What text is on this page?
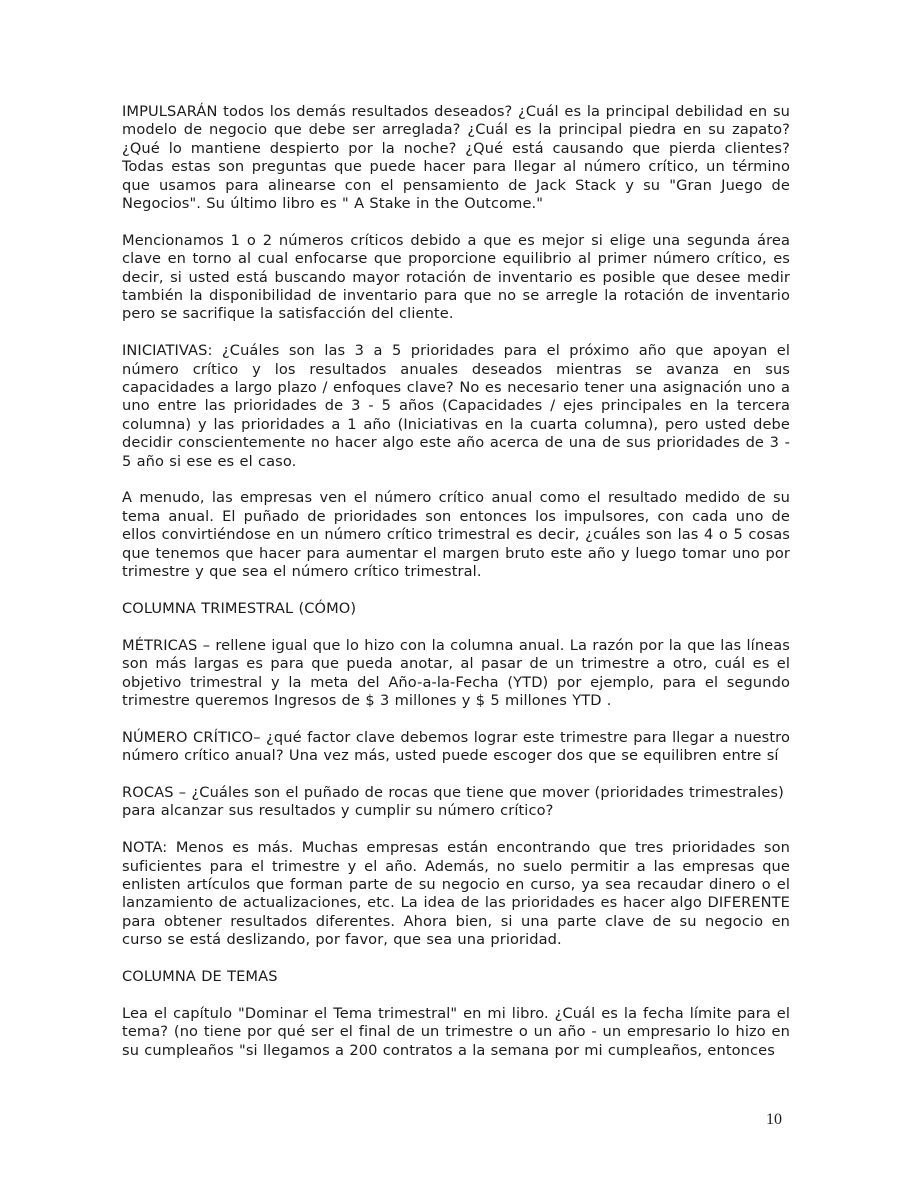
IMPULSARÁN todos los demás resultados deseados? ¿Cuál es la principal debilidad en su modelo de negocio que debe ser arreglada? ¿Cuál es la principal piedra en su zapato? ¿Qué lo mantiene despierto por la noche? ¿Qué está causando que pierda clientes? Todas estas son preguntas que puede hacer para llegar al número crítico, un término que usamos para alinearse con el pensamiento de Jack Stack y su "Gran Juego de Negocios". Su último libro es " A Stake in the Outcome."

Mencionamos 1 o 2 números críticos debido a que es mejor si elige una segunda área clave en torno al cual enfocarse que proporcione equilibrio al primer número crítico, es decir, si usted está buscando mayor rotación de inventario es posible que desee medir también la disponibilidad de inventario para que no se arregle la rotación de inventario pero se sacrifique la satisfacción del cliente.

INICIATIVAS: ¿Cuáles son las 3 a 5 prioridades para el próximo año que apoyan el número crítico y los resultados anuales deseados mientras se avanza en sus capacidades a largo plazo / enfoques clave? No es necesario tener una asignación uno a uno entre las prioridades de 3 - 5 años (Capacidades / ejes principales en la tercera columna) y las prioridades a 1 año (Iniciativas en la cuarta columna), pero usted debe decidir conscientemente no hacer algo este año acerca de una de sus prioridades de 3 - 5 año si ese es el caso.

A menudo, las empresas ven el número crítico anual como el resultado medido de su tema anual. El puñado de prioridades son entonces los impulsores, con cada uno de ellos convirtiéndose en un número crítico trimestral es decir, ¿cuáles son las 4 o 5 cosas que tenemos que hacer para aumentar el margen bruto este año y luego tomar uno por trimestre y que sea el número crítico trimestral.

COLUMNA TRIMESTRAL (CÓMO)

MÉTRICAS – rellene igual que lo hizo con la columna anual. La razón por la que las líneas son más largas es para que pueda anotar, al pasar de un trimestre a otro, cuál es el objetivo trimestral y la meta del Año-a-la-Fecha (YTD) por ejemplo, para el segundo trimestre queremos Ingresos de $ 3 millones y $ 5 millones YTD .

NÚMERO CRÍTICO– ¿qué factor clave debemos lograr este trimestre para llegar a nuestro número crítico anual? Una vez más, usted puede escoger dos que se equilibren entre sí

ROCAS – ¿Cuáles son el puñado de rocas que tiene que mover (prioridades trimestrales) para alcanzar sus resultados y cumplir su número crítico?

NOTA: Menos es más. Muchas empresas están encontrando que tres prioridades son suficientes para el trimestre y el año. Además, no suelo permitir a las empresas que enlisten artículos que forman parte de su negocio en curso, ya sea recaudar dinero o el lanzamiento de actualizaciones, etc. La idea de las prioridades es hacer algo DIFERENTE para obtener resultados diferentes. Ahora bien, si una parte clave de su negocio en curso se está deslizando, por favor, que sea una prioridad.

COLUMNA DE TEMAS

Lea el capítulo "Dominar el Tema trimestral" en mi libro. ¿Cuál es la fecha límite para el tema? (no tiene por qué ser el final de un trimestre o un año - un empresario lo hizo en su cumpleaños "si llegamos a 200 contratos a la semana por mi cumpleaños, entonces

10
